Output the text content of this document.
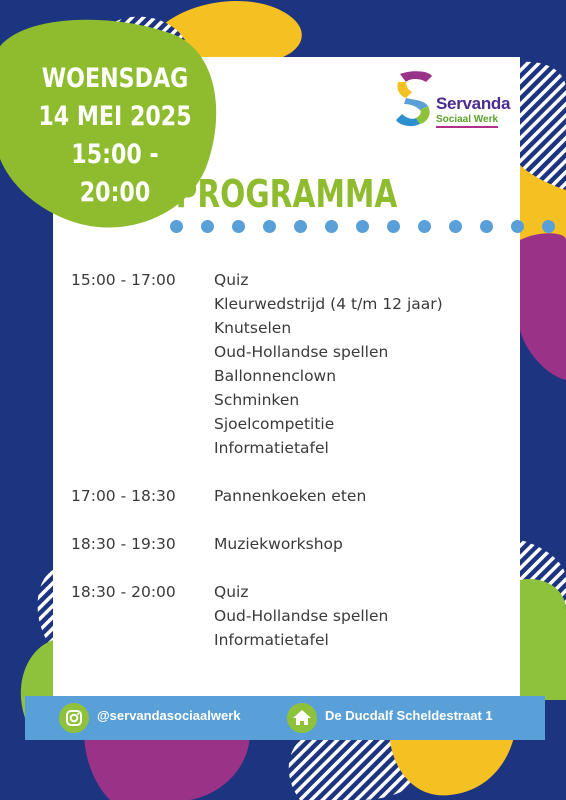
WOENSDAG
14 MEI 2025
15:00 - 20:00
Servanda
Sociaal Werk
PROGRAMMA
15:00 - 17:00	Quiz
Kleurwedstrijd (4 t/m 12 jaar)
Knutselen
Oud-Hollandse spellen
Ballonnenclown
Schminken
Sjoelcompetitie
Informatietafel
17:00 - 18:30	Pannenkoeken eten
18:30 - 19:30	Muziekworkshop
18:30 - 20:00	Quiz
Oud-Hollandse spellen
Informatietafel
@servandasociaalwerk	De Ducdalf Scheldestraat 1
